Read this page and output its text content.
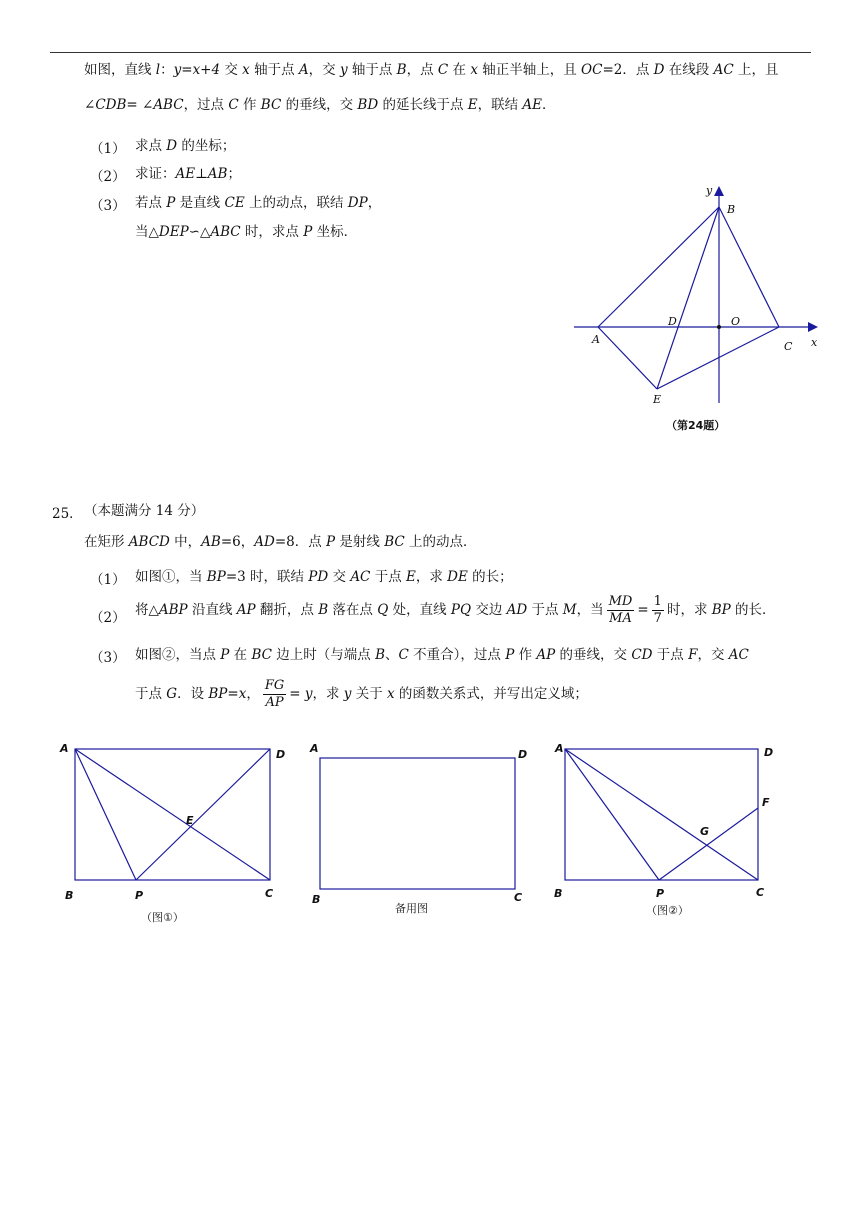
如图，直线 l：y=x+4 交 x 轴于点 A，交 y 轴于点 B，点 C 在 x 轴正半轴上，且 OC=2．点 D 在线段 AC 上，且
∠CDB= ∠ABC，过点 C 作 BC 的垂线，交 BD 的延长线于点 E，联结 AE．
（1） 求点 D 的坐标；
（2） 求证：AE⊥AB；
（3） 若点 P 是直线 CE 上的动点，联结 DP，
当△DEP∽△ABC 时，求点 P 坐标．
y
x
B
O
D
A
C
E
（第24题）
25． （本题满分 14 分）
在矩形 ABCD 中，AB=6，AD=8．点 P 是射线 BC 上的动点．
（1） 如图①，当 BP=3 时，联结 PD 交 AC 于点 E，求 DE 的长；
（2） 将△ABP 沿直线 AP 翻折，点 B 落在点 Q 处，直线 PQ 交边 AD 于点 M，当 $\frac{MD}{MA} = \frac{1}{7}$ 时，求 BP 的长．
（3） 如图②，当点 P 在 BC 边上时（与端点 B、C 不重合），过点 P 作 AP 的垂线，交 CD 于点 F，交 AC
于点 G．设 BP=x， $\frac{FG}{AP} = y$，求 y 关于 x 的函数关系式，并写出定义域；
A	D
E
B	P	C
A	D
B	C
A	D
F
G
B	P	C
（图①）
备用图	（图②）
